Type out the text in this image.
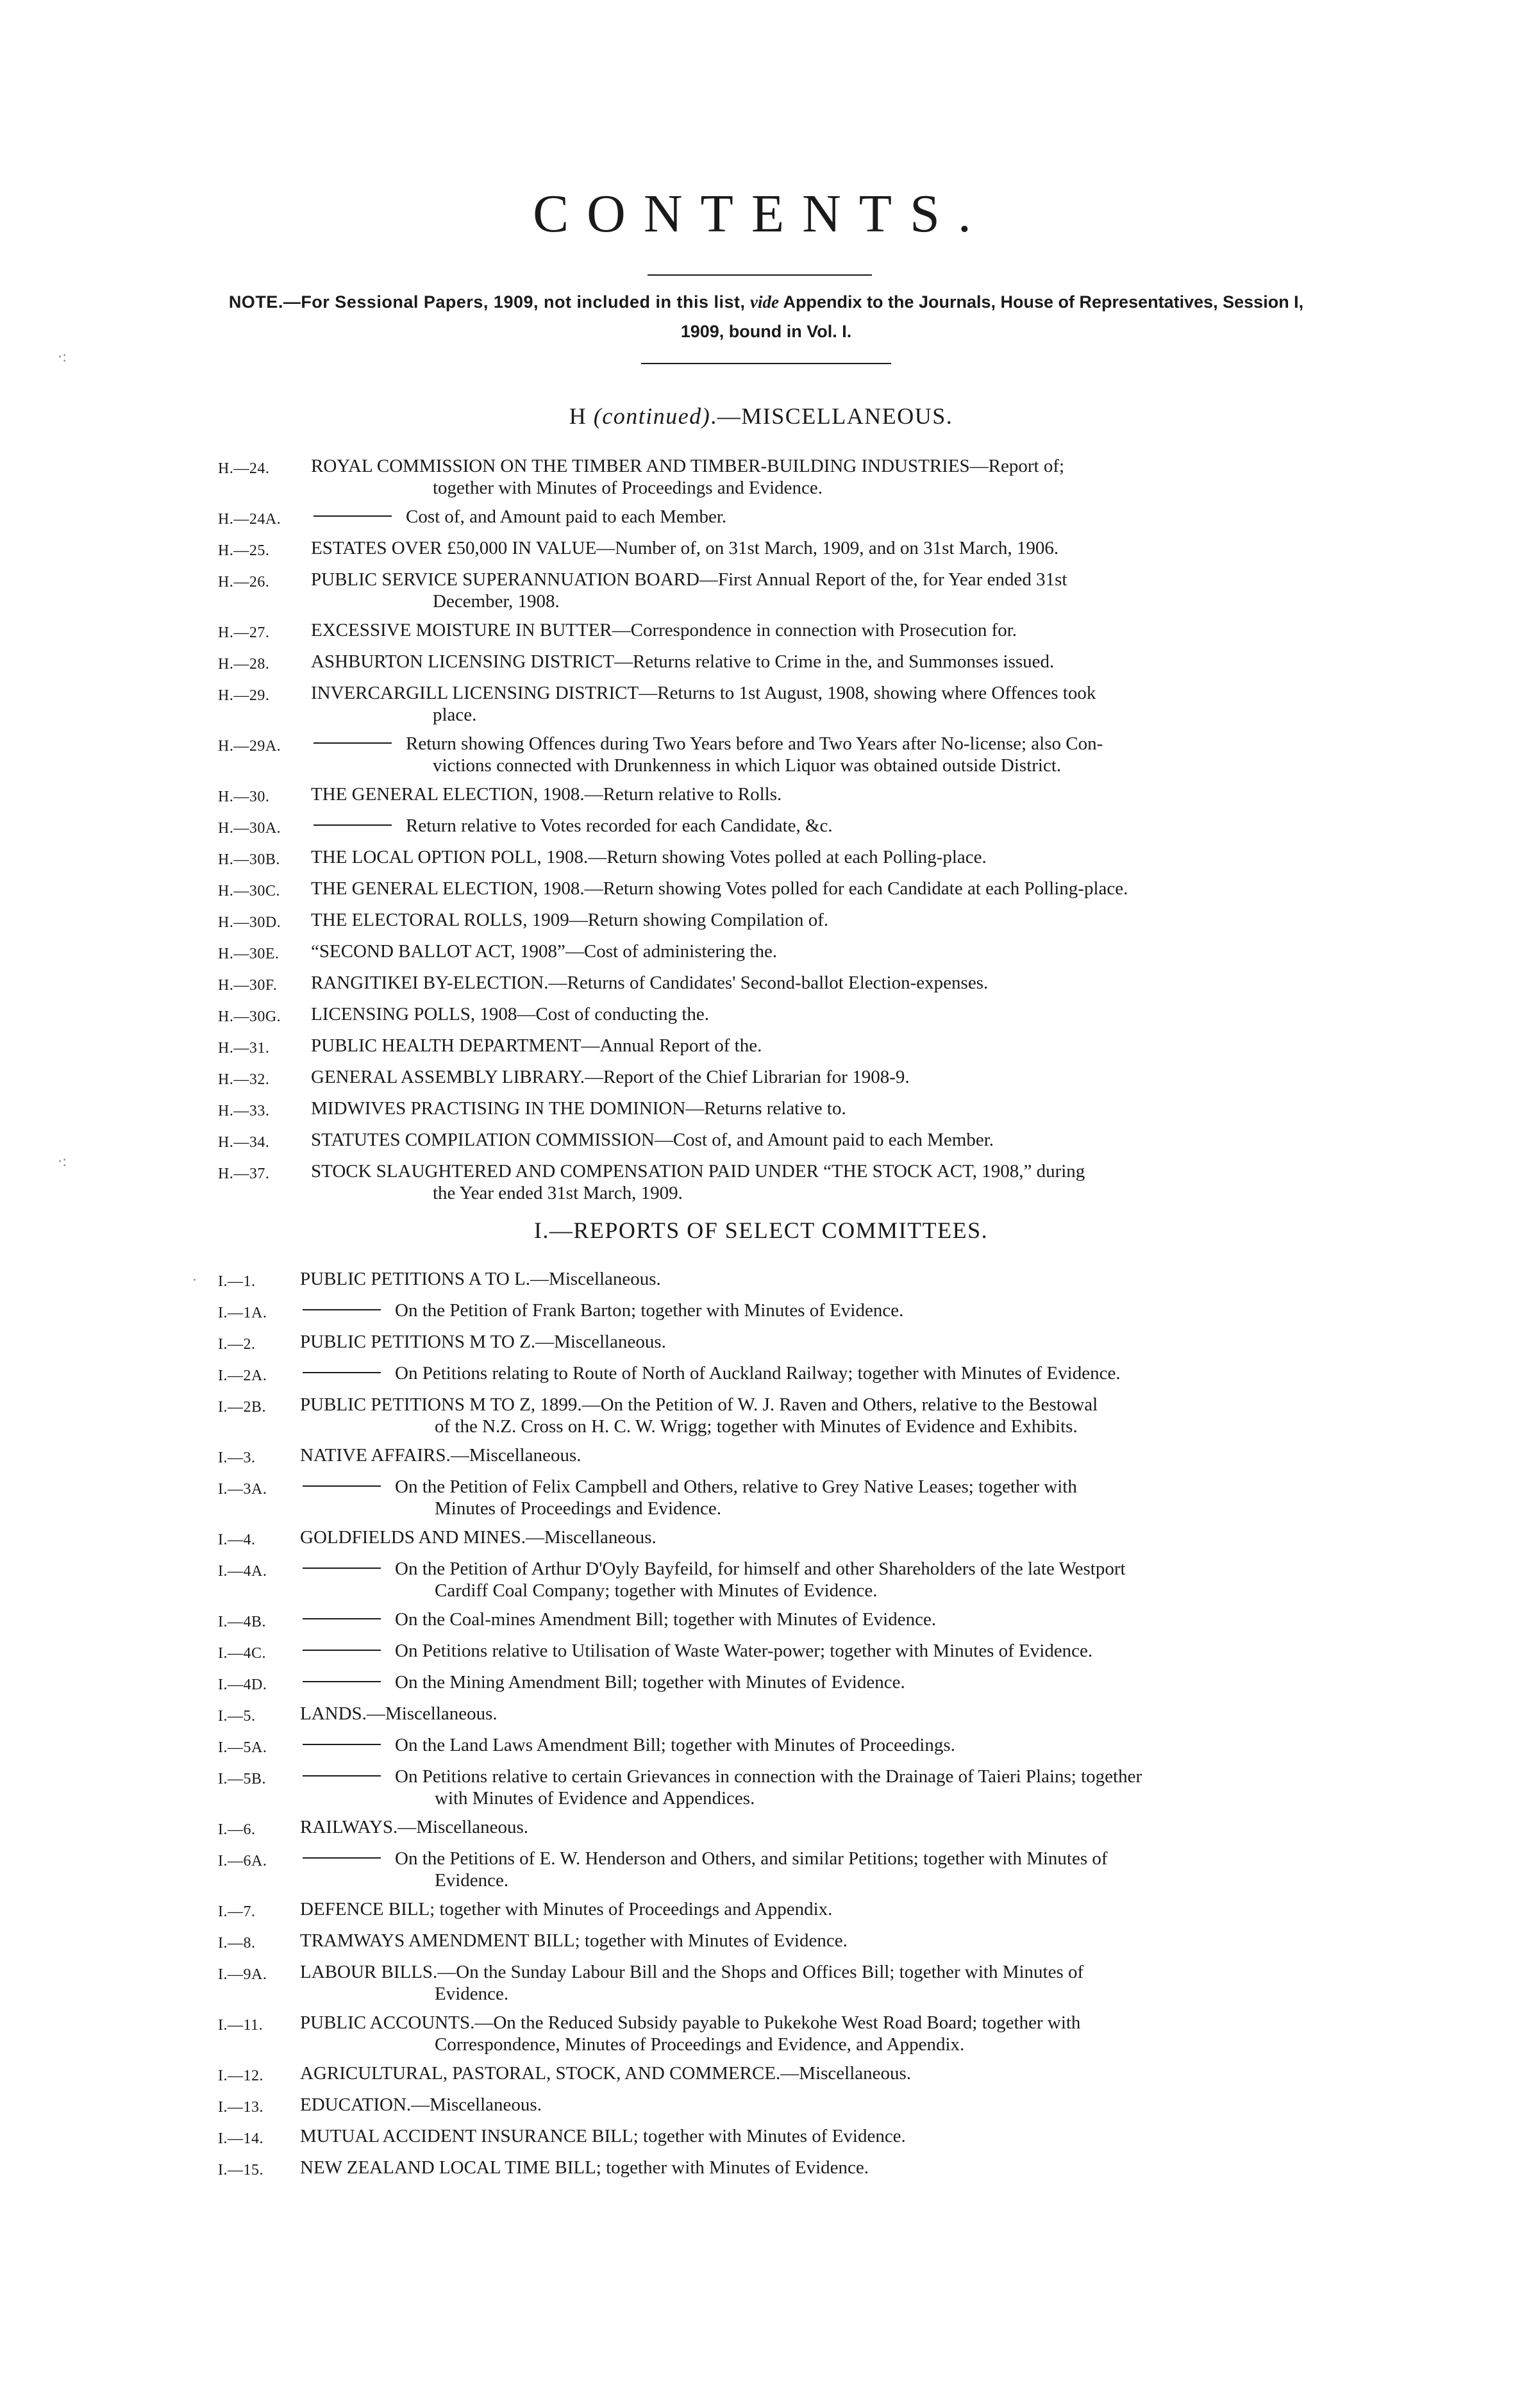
CONTENTS.
NOTE.—For Sessional Papers, 1909, not included in this list, vide Appendix to the Journals, House of Representatives, Session I, 1909, bound in Vol. I.
H (continued).—MISCELLANEOUS.
H.—24.	ROYAL COMMISSION ON THE TIMBER AND TIMBER-BUILDING INDUSTRIES—Report of;
together with Minutes of Proceedings and Evidence.
H.—24A.	Cost of, and Amount paid to each Member.
H.—25.	ESTATES OVER £50,000 IN VALUE—Number of, on 31st March, 1909, and on 31st March, 1906.
H.—26.	PUBLIC SERVICE SUPERANNUATION BOARD—First Annual Report of the, for Year ended 31st
December, 1908.
H.—27.	EXCESSIVE MOISTURE IN BUTTER—Correspondence in connection with Prosecution for.
H.—28.	ASHBURTON LICENSING DISTRICT—Returns relative to Crime in the, and Summonses issued.
H.—29.	INVERCARGILL LICENSING DISTRICT—Returns to 1st August, 1908, showing where Offences took
place.
H.—29A.	Return showing Offences during Two Years before and Two Years after No-license; also Con-
victions connected with Drunkenness in which Liquor was obtained outside District.
H.—30.	THE GENERAL ELECTION, 1908.—Return relative to Rolls.
H.—30A.	Return relative to Votes recorded for each Candidate, &c.
H.—30B.	THE LOCAL OPTION POLL, 1908.—Return showing Votes polled at each Polling-place.
H.—30C.	THE GENERAL ELECTION, 1908.—Return showing Votes polled for each Candidate at each Polling-place.
H.—30D.	THE ELECTORAL ROLLS, 1909—Return showing Compilation of.
H.—30E.	“SECOND BALLOT ACT, 1908”—Cost of administering the.
H.—30F.	RANGITIKEI BY-ELECTION.—Returns of Candidates' Second-ballot Election-expenses.
H.—30G.	LICENSING POLLS, 1908—Cost of conducting the.
H.—31.	PUBLIC HEALTH DEPARTMENT—Annual Report of the.
H.—32.	GENERAL ASSEMBLY LIBRARY.—Report of the Chief Librarian for 1908-9.
H.—33.	MIDWIVES PRACTISING IN THE DOMINION—Returns relative to.
H.—34.	STATUTES COMPILATION COMMISSION—Cost of, and Amount paid to each Member.
H.—37.	STOCK SLAUGHTERED AND COMPENSATION PAID UNDER “THE STOCK ACT, 1908,” during
the Year ended 31st March, 1909.
I.—REPORTS OF SELECT COMMITTEES.
I.—1.	PUBLIC PETITIONS A TO L.—Miscellaneous.
I.—1A.	On the Petition of Frank Barton; together with Minutes of Evidence.
I.—2.	PUBLIC PETITIONS M TO Z.—Miscellaneous.
I.—2A.	On Petitions relating to Route of North of Auckland Railway; together with Minutes of Evidence.
I.—2B.	PUBLIC PETITIONS M TO Z, 1899.—On the Petition of W. J. Raven and Others, relative to the Bestowal
of the N.Z. Cross on H. C. W. Wrigg; together with Minutes of Evidence and Exhibits.
I.—3.	NATIVE AFFAIRS.—Miscellaneous.
I.—3A.	On the Petition of Felix Campbell and Others, relative to Grey Native Leases; together with
Minutes of Proceedings and Evidence.
I.—4.	GOLDFIELDS AND MINES.—Miscellaneous.
I.—4A.	On the Petition of Arthur D'Oyly Bayfeild, for himself and other Shareholders of the late Westport
Cardiff Coal Company; together with Minutes of Evidence.
I.—4B.	On the Coal-mines Amendment Bill; together with Minutes of Evidence.
I.—4C.	On Petitions relative to Utilisation of Waste Water-power; together with Minutes of Evidence.
I.—4D.	On the Mining Amendment Bill; together with Minutes of Evidence.
I.—5.	LANDS.—Miscellaneous.
I.—5A.	On the Land Laws Amendment Bill; together with Minutes of Proceedings.
I.—5B.	On Petitions relative to certain Grievances in connection with the Drainage of Taieri Plains; together
with Minutes of Evidence and Appendices.
I.—6.	RAILWAYS.—Miscellaneous.
I.—6A.	On the Petitions of E. W. Henderson and Others, and similar Petitions; together with Minutes of
Evidence.
I.—7.	DEFENCE BILL; together with Minutes of Proceedings and Appendix.
I.—8.	TRAMWAYS AMENDMENT BILL; together with Minutes of Evidence.
I.—9A.	LABOUR BILLS.—On the Sunday Labour Bill and the Shops and Offices Bill; together with Minutes of
Evidence.
I.—11.	PUBLIC ACCOUNTS.—On the Reduced Subsidy payable to Pukekohe West Road Board; together with
Correspondence, Minutes of Proceedings and Evidence, and Appendix.
I.—12.	AGRICULTURAL, PASTORAL, STOCK, AND COMMERCE.—Miscellaneous.
I.—13.	EDUCATION.—Miscellaneous.
I.—14.	MUTUAL ACCIDENT INSURANCE BILL; together with Minutes of Evidence.
I.—15.	NEW ZEALAND LOCAL TIME BILL; together with Minutes of Evidence.
·:
·:
·
